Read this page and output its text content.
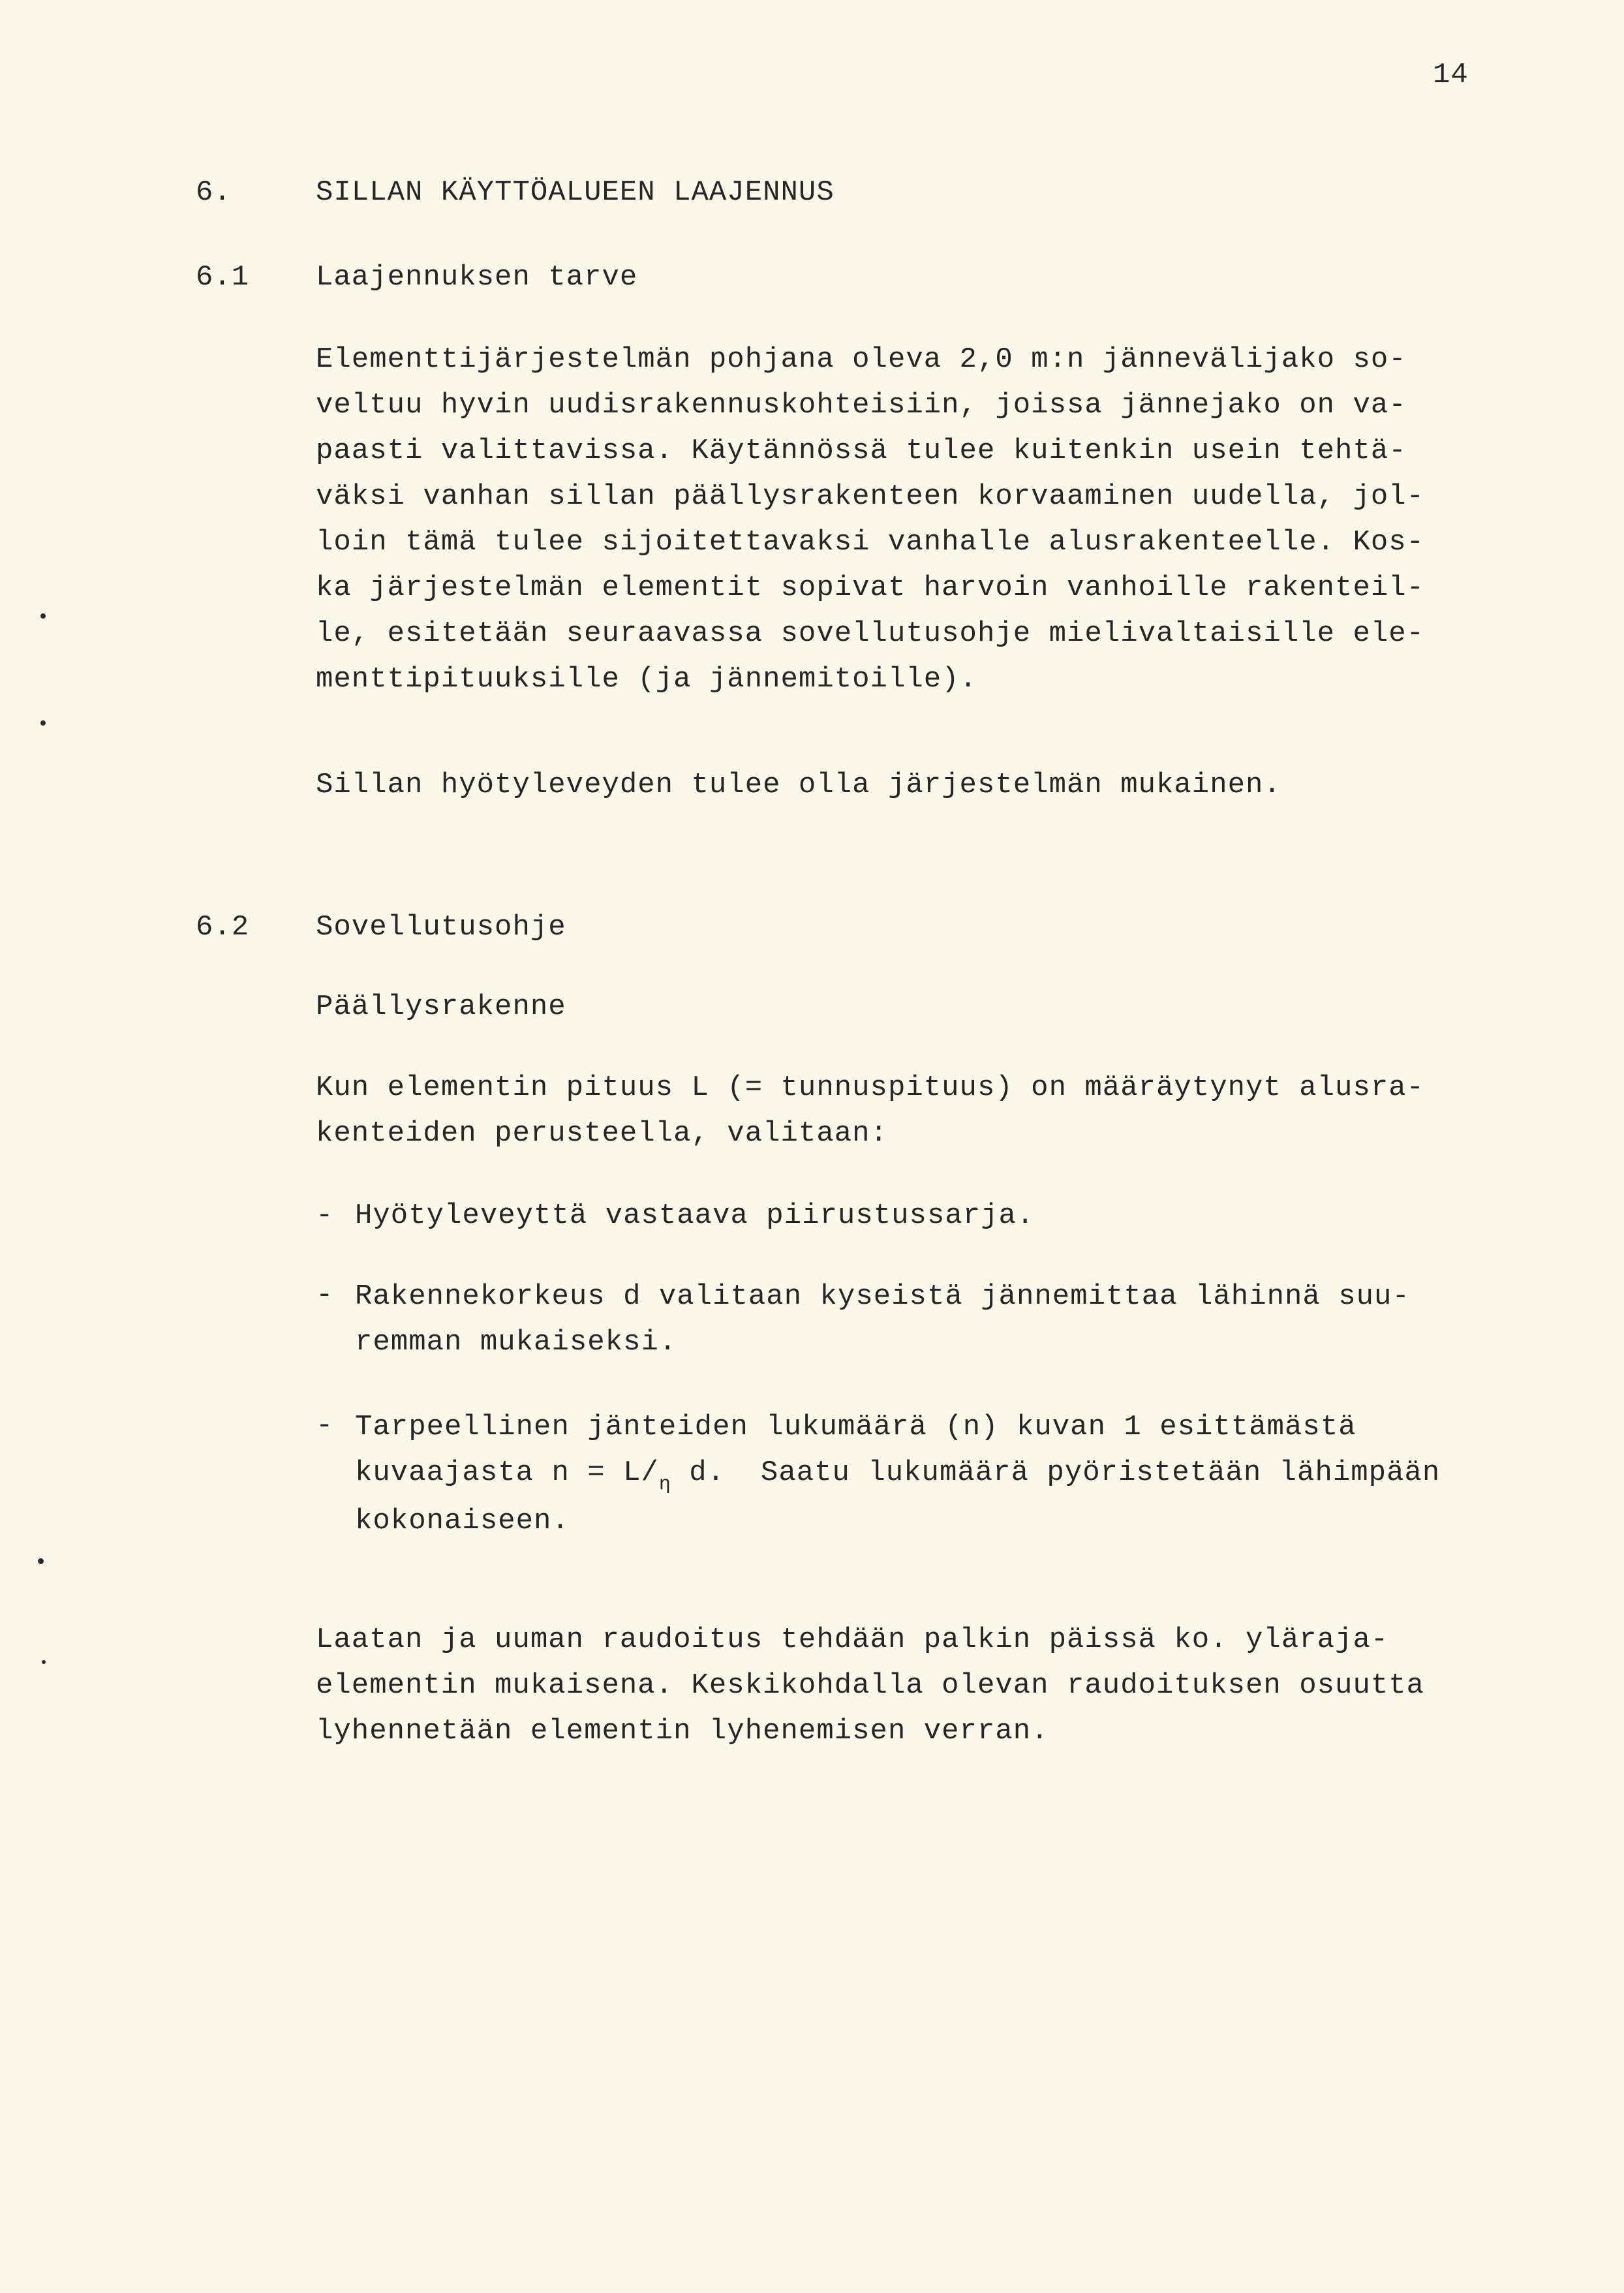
14
6.	SILLAN KÄYTTÖALUEEN LAAJENNUS
6.1 Laajennuksen tarve
Elementtijärjestelmän pohjana oleva 2,0 m:n jännevälijako so-
veltuu hyvin uudisrakennuskohteisiin, joissa jännejako on va-
paasti valittavissa. Käytännössä tulee kuitenkin usein tehtä-
väksi vanhan sillan päällysrakenteen korvaaminen uudella, jol-
loin tämä tulee sijoitettavaksi vanhalle alusrakenteelle. Kos-
ka järjestelmän elementit sopivat harvoin vanhoille rakenteil-
le, esitetään seuraavassa sovellutusohje mielivaltaisille ele-
menttipituuksille (ja jännemitoille).
Sillan hyötyleveyden tulee olla järjestelmän mukainen.
6.2 Sovellutusohje
Päällysrakenne
Kun elementin pituus L (= tunnuspituus) on määräytynyt alusra-
kenteiden perusteella, valitaan:
- Hyötyleveyttä vastaava piirustussarja.
- Rakennekorkeus d valitaan kyseistä jännemittaa lähinnä suu-
remman mukaiseksi.
- Tarpeellinen jänteiden lukumäärä (n) kuvan 1 esittämästä
kuvaajasta n = L/η d.  Saatu lukumäärä pyöristetään lähimpään
kokonaiseen.
Laatan ja uuman raudoitus tehdään palkin päissä ko. yläraja-
elementin mukaisena. Keskikohdalla olevan raudoituksen osuutta
lyhennetään elementin lyhenemisen verran.
